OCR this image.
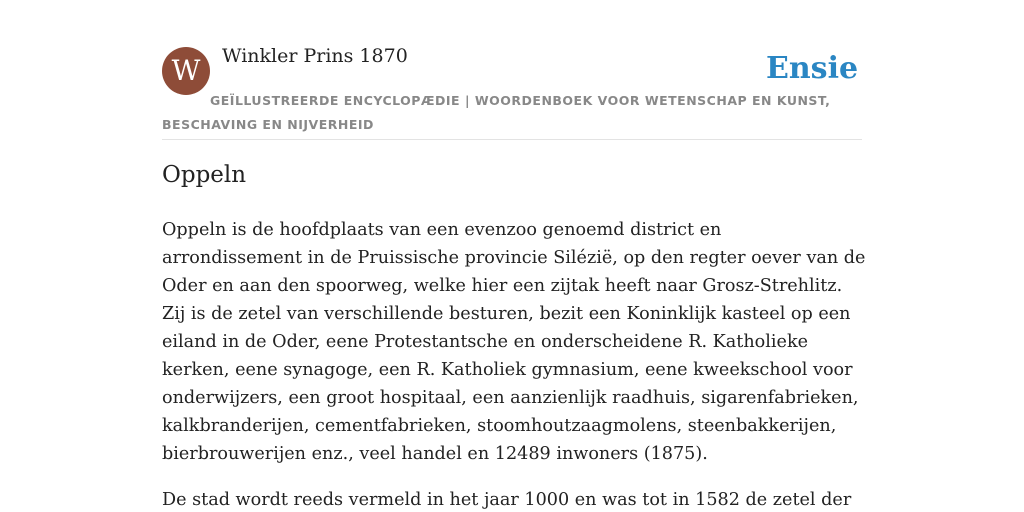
W	Winkler Prins 1870	Ensie
GEÏLLUSTREERDE ENCYCLOPÆDIE | WOORDENBOEK VOOR WETENSCHAP EN KUNST, BESCHAVING EN NIJVERHEID
Oppeln

Oppeln is de hoofdplaats van een evenzoo genoemd district en arrondissement in de Pruissische provincie Silézië, op den regter oever van de Oder en aan den spoorweg, welke hier een zijtak heeft naar Grosz-Strehlitz. Zij is de zetel van verschillende besturen, bezit een Koninklijk kasteel op een eiland in de Oder, eene Protestantsche en onderscheidene R. Katholieke kerken, eene synagoge, een R. Katholiek gymnasium, eene kweekschool voor onderwijzers, een groot hospitaal, een aanzienlijk raadhuis, sigarenfabrieken, kalkbranderijen, cementfabrieken, stoomhoutzaagmolens, steenbakkerijen, bierbrouwerijen enz., veel handel en 12489 inwoners (1875).

De stad wordt reeds vermeld in het jaar 1000 en was tot in 1582 de zetel der
